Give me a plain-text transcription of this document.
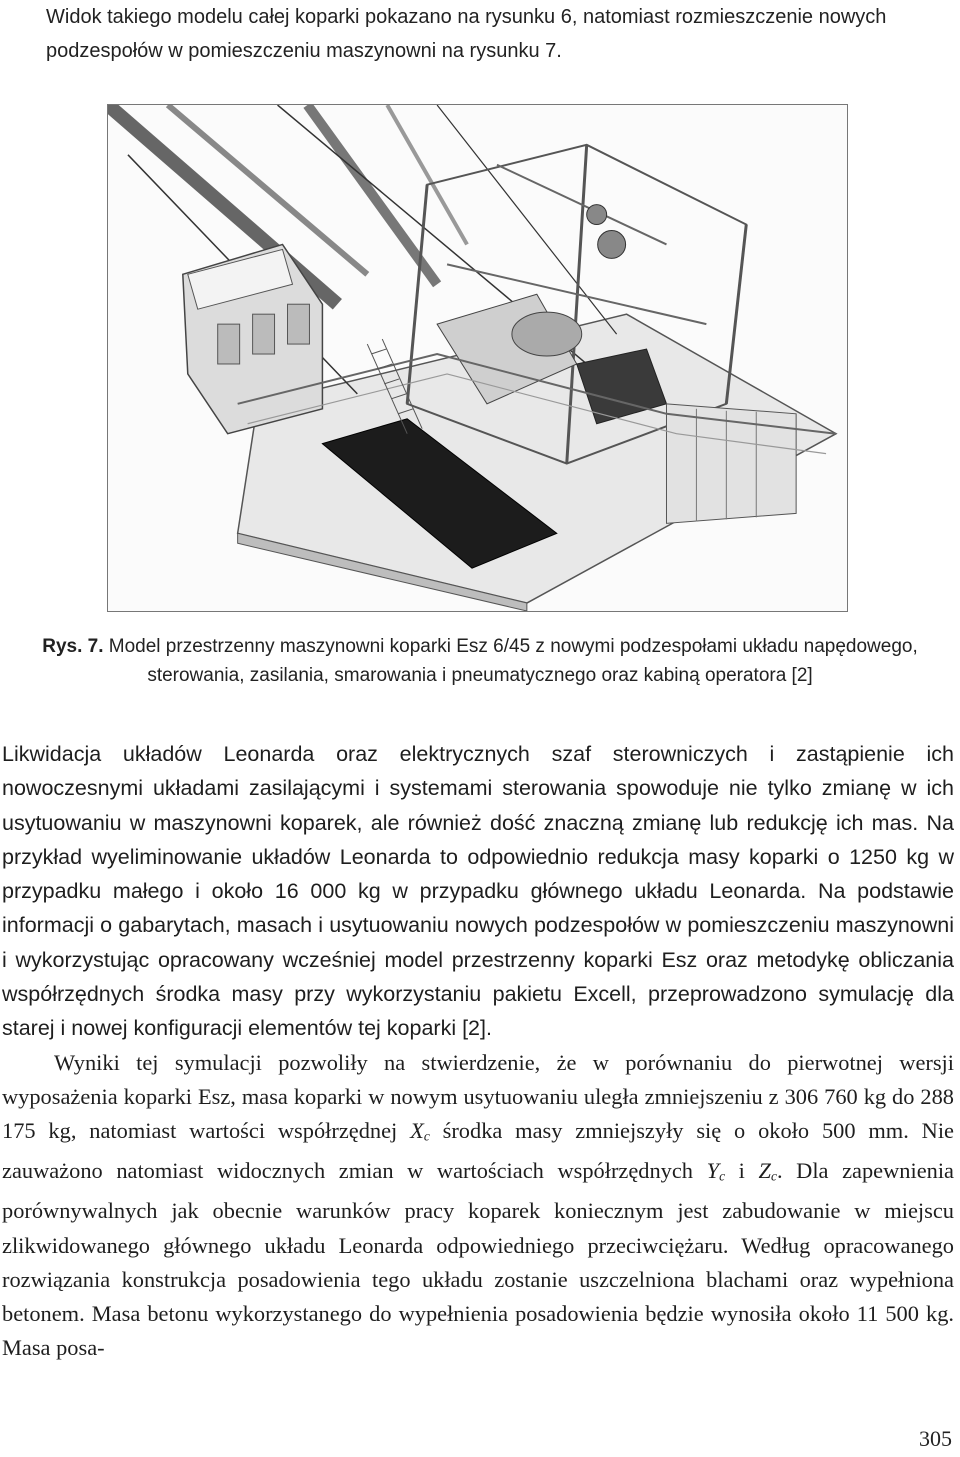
Widok takiego modelu całej koparki pokazano na rysunku 6, natomiast rozmieszczenie nowych podzespołów w pomieszczeniu maszynowni na rysunku 7.

Rys. 7. Model przestrzenny maszynowni koparki Esz 6/45 z nowymi podzespołami układu napędowego, sterowania, zasilania, smarowania i pneumatycznego oraz kabiną operatora [2]

Likwidacja układów Leonarda oraz elektrycznych szaf sterowniczych i zastąpienie ich nowoczesnymi układami zasilającymi i systemami sterowania spowoduje nie tylko zmianę w ich usytuowaniu w maszynowni koparek, ale również dość znaczną zmianę lub redukcję ich mas. Na przykład wyeliminowanie układów Leonarda to odpowiednio redukcja masy koparki o 1250 kg w przypadku małego i około 16 000 kg w przypadku głównego układu Leonarda. Na podstawie informacji o gabarytach, masach i usytuowaniu nowych podzespołów w pomieszczeniu maszynowni i wykorzystując opracowany wcześniej model przestrzenny koparki Esz oraz metodykę obliczania współrzędnych środka masy przy wykorzystaniu pakietu Excell, przeprowadzono symulację dla starej i nowej konfiguracji elementów tej koparki [2].

Wyniki tej symulacji pozwoliły na stwierdzenie, że w porównaniu do pierwotnej wersji wyposażenia koparki Esz, masa koparki w nowym usytuowaniu uległa zmniejszeniu z 306 760 kg do 288 175 kg, natomiast wartości współrzędnej $X_c$ środka masy zmniejszyły się o około 500 mm. Nie zauważono natomiast widocznych zmian w wartościach współrzędnych $Y_c$ i $Z_c$. Dla zapewnienia porównywalnych jak obecnie warunków pracy koparek koniecznym jest zabudowanie w miejscu zlikwidowanego głównego układu Leonarda odpowiedniego przeciwciężaru. Według opracowanego rozwiązania konstrukcja posadowienia tego układu zostanie uszczelniona blachami oraz wypełniona betonem. Masa betonu wykorzystanego do wypełnienia posadowienia będzie wynosiła około 11 500 kg. Masa posa-

305
